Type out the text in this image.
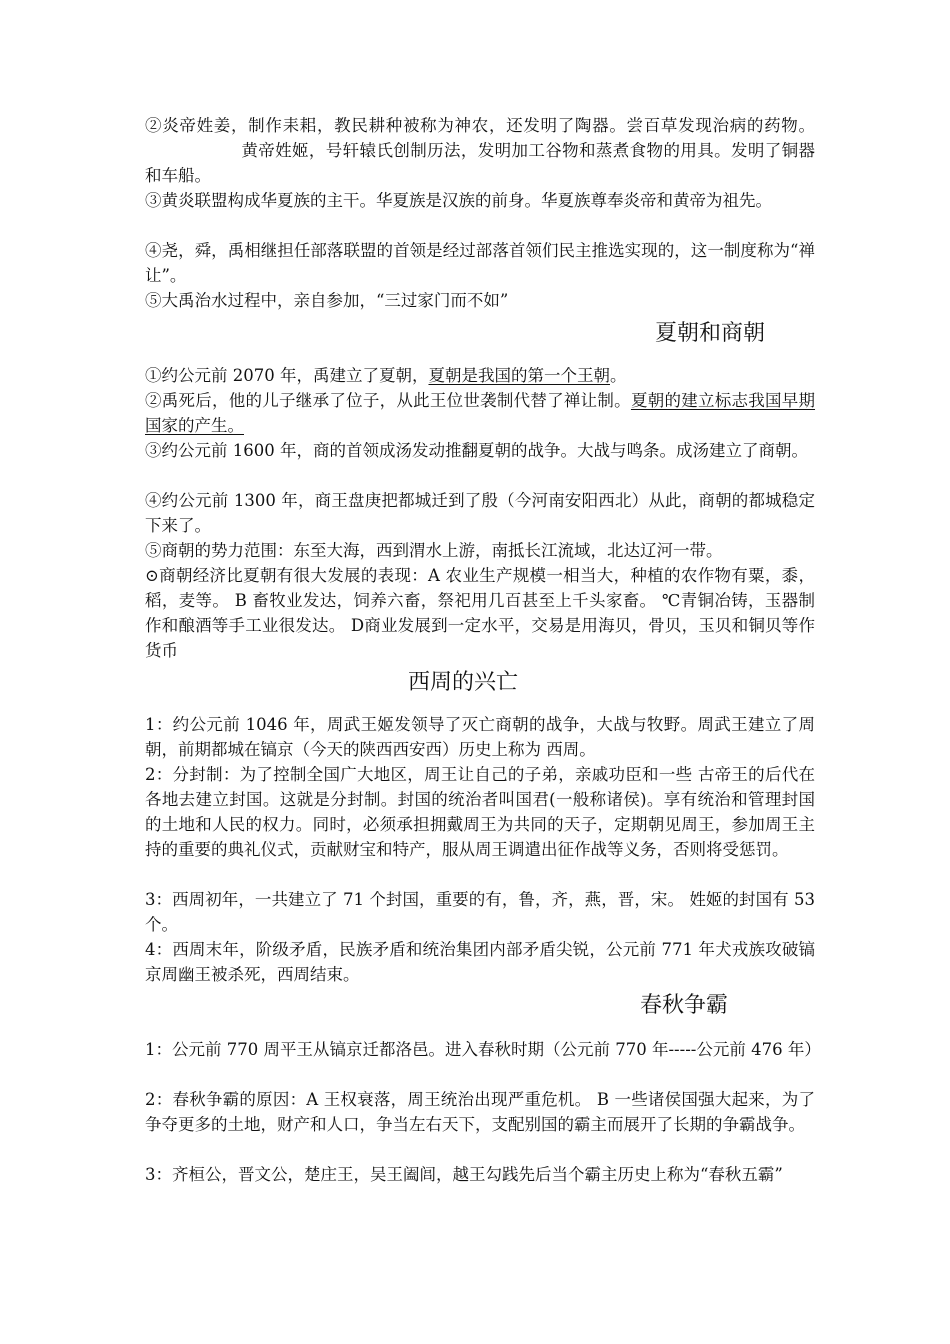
②炎帝姓姜，制作耒耜，教民耕种被称为神农，还发明了陶器。尝百草发现治病的药物。黄帝姓姬，号轩辕氏创制历法，发明加工谷物和蒸煮食物的用具。发明了铜器和车船。

③黄炎联盟构成华夏族的主干。华夏族是汉族的前身。华夏族尊奉炎帝和黄帝为祖先。

④尧，舜，禹相继担任部落联盟的首领是经过部落首领们民主推选实现的，这一制度称为“禅让”。

⑤大禹治水过程中，亲自参加，“三过家门而不如”

夏朝和商朝

①约公元前 2070 年，禹建立了夏朝，夏朝是我国的第一个王朝。

②禹死后，他的儿子继承了位子，从此王位世袭制代替了禅让制。夏朝的建立标志我国早期国家的产生。

③约公元前 1600 年，商的首领成汤发动推翻夏朝的战争。大战与鸣条。成汤建立了商朝。

④约公元前 1300 年，商王盘庚把都城迁到了殷（今河南安阳西北）从此，商朝的都城稳定下来了。

⑤商朝的势力范围：东至大海，西到渭水上游，南抵长江流域，北达辽河一带。

⊙商朝经济比夏朝有很大发展的表现：A 农业生产规模一相当大，种植的农作物有粟，黍，稻，麦等。 B 畜牧业发达，饲养六畜，祭祀用几百甚至上千头家畜。 ℃青铜冶铸，玉器制作和酿酒等手工业很发达。 D商业发展到一定水平，交易是用海贝，骨贝，玉贝和铜贝等作货币

西周的兴亡

1：约公元前 1046 年，周武王姬发领导了灭亡商朝的战争，大战与牧野。周武王建立了周朝，前期都城在镐京（今天的陕西西安西）历史上称为 西周。

2：分封制：为了控制全国广大地区，周王让自己的子弟，亲戚功臣和一些 古帝王的后代在各地去建立封国。这就是分封制。封国的统治者叫国君(一般称诸侯)。享有统治和管理封国的土地和人民的权力。同时，必须承担拥戴周王为共同的天子，定期朝见周王，参加周王主持的重要的典礼仪式，贡献财宝和特产，服从周王调遣出征作战等义务，否则将受惩罚。

3：西周初年，一共建立了 71 个封国，重要的有，鲁，齐，燕，晋，宋。 姓姬的封国有 53 个。

4：西周末年，阶级矛盾，民族矛盾和统治集团内部矛盾尖锐，公元前 771 年犬戎族攻破镐京周幽王被杀死，西周结束。

春秋争霸

1：公元前 770 周平王从镐京迁都洛邑。进入春秋时期（公元前 770 年-----公元前 476 年）

2：春秋争霸的原因：A 王权衰落，周王统治出现严重危机。 B 一些诸侯国强大起来，为了争夺更多的土地，财产和人口，争当左右天下，支配别国的霸主而展开了长期的争霸战争。

3：齐桓公，晋文公，楚庄王，吴王阖闾，越王勾践先后当个霸主历史上称为“春秋五霸”
